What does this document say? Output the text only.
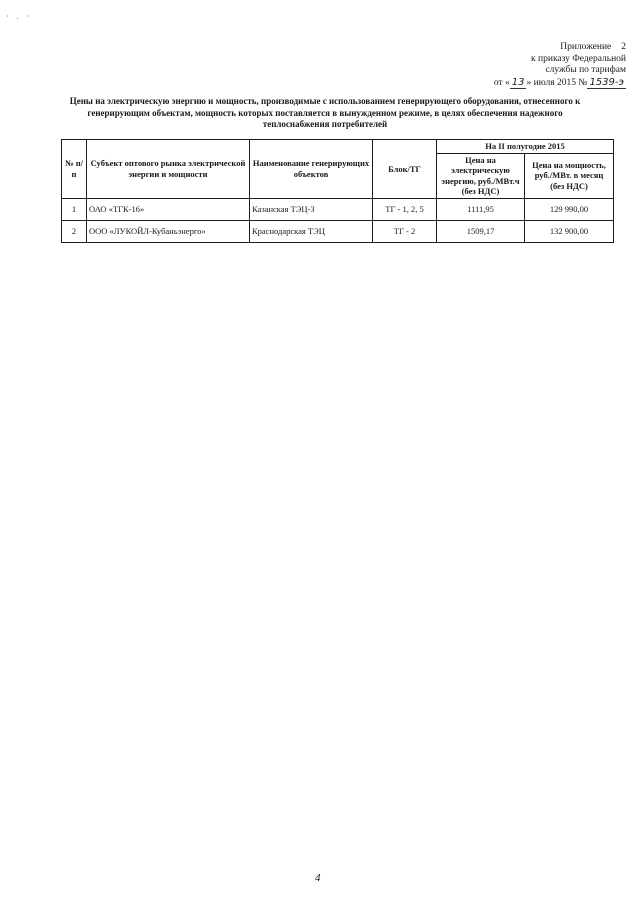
· . ·
Приложение 2
к приказу Федеральной
службы по тарифам
от « 13 » июля 2015 № 1539-э
Цены на электрическую энергию и мощность, производимые с использованием генерирующего оборудования, отнесенного к генерирующим объектам, мощность которых поставляется в вынужденном режиме, в целях обеспечения надежного теплоснабжения потребителей
№ п/п	Субъект оптового рынка электрической энергии и мощности	Наименование генерирующих объектов	Блок/ТГ	На II полугодие 2015	
				Цена на электрическую энергию, руб./МВт.ч (без НДС)	Цена на мощность, руб./МВт. в месяц (без НДС)
1	ОАО «ТГК-16»	Казанская ТЭЦ-3	ТГ - 1, 2, 5	1111,95	129 990,00
2	ООО «ЛУКОЙЛ-Кубаньэнерго»	Краснодарская ТЭЦ	ТГ - 2	1509,17	132 900,00
4
